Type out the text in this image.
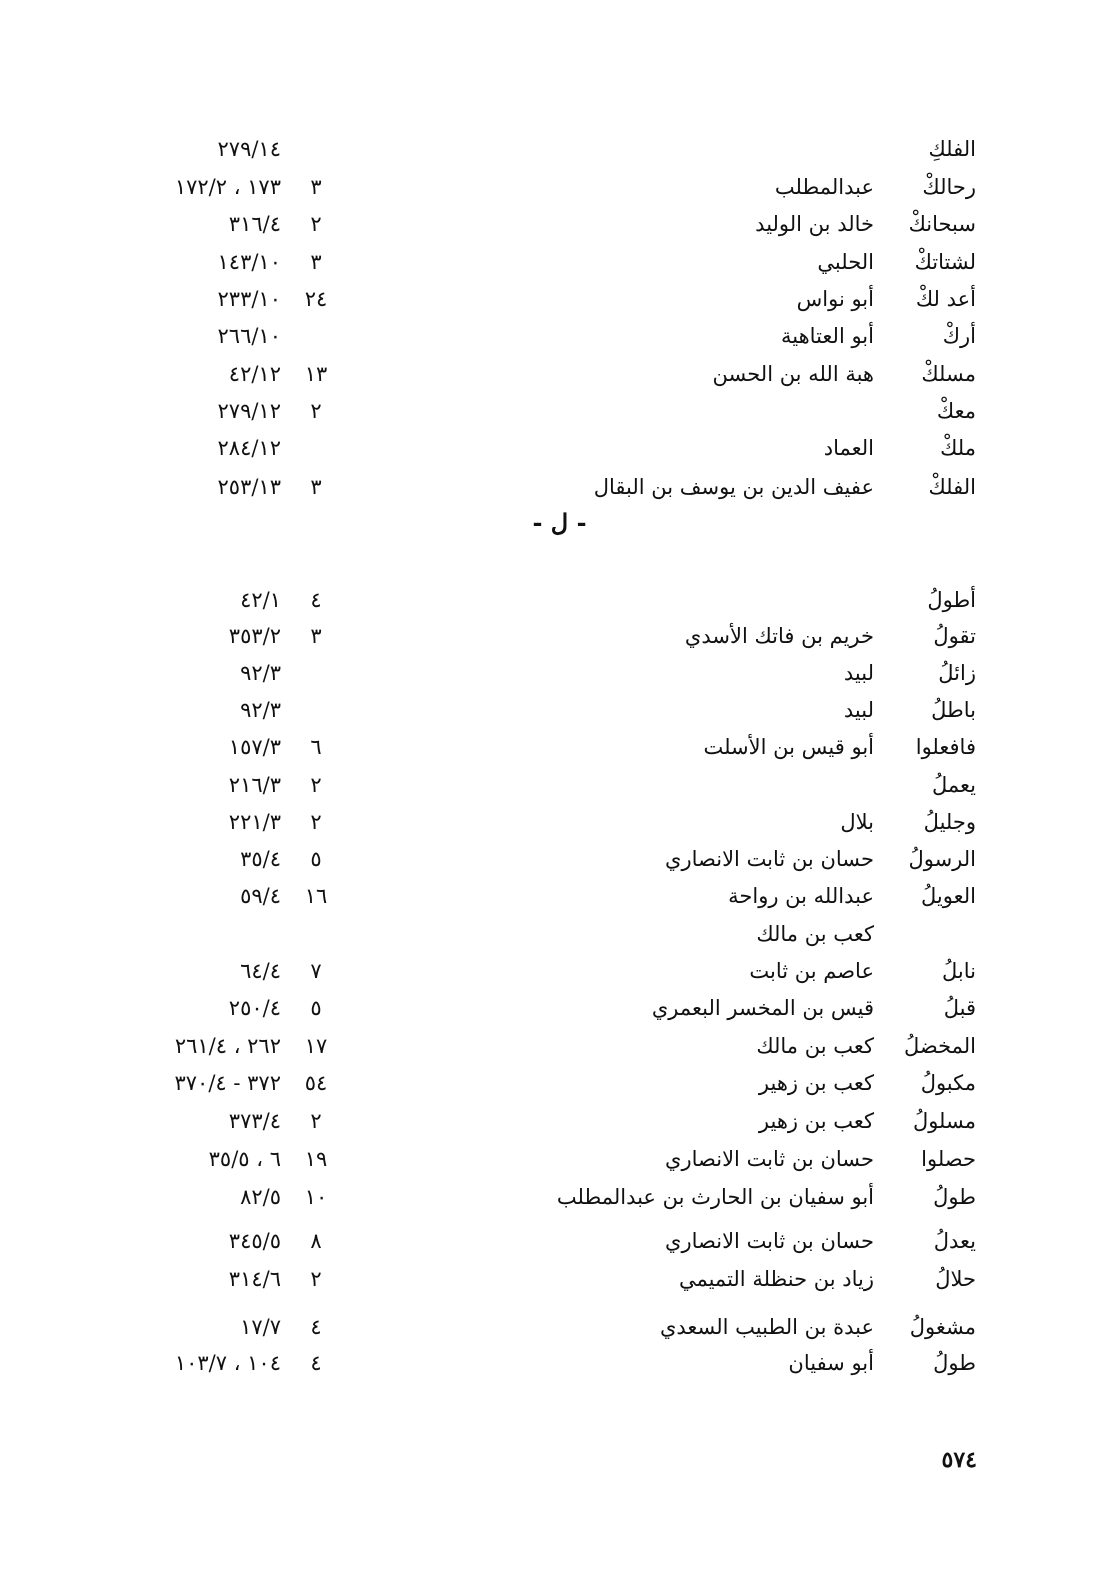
الفلكِ
٢٧٩/١٤
رحالكْ
عبدالمطلب
٣
١٧٣ ، ١٧٢/٢
سبحانكْ
خالد بن الوليد
٢
٣١٦/٤
لشتاتكْ
الحلبي
٣
١٤٣/١٠
أعد لكْ
أبو نواس
٢٤
٢٣٣/١٠
أركْ
أبو العتاهية
٢٦٦/١٠
مسلكْ
هبة الله بن الحسن
١٣
٤٢/١٢
معكْ
٢
٢٧٩/١٢
ملكْ
العماد
٢٨٤/١٢
الفلكْ
عفيف الدين بن يوسف بن البقال
٣
٢٥٣/١٣
- ل -
أطولُ
٤
٤٢/١
تقولُ
خريم بن فاتك الأسدي
٣
٣٥٣/٢
زائلُ
لبيد
٩٢/٣
باطلُ
لبيد
٩٢/٣
فافعلوا
أبو قيس بن الأسلت
٦
١٥٧/٣
يعملُ
٢
٢١٦/٣
وجليلُ
بلال
٢
٢٢١/٣
الرسولُ
حسان بن ثابت الانصاري
٥
٣٥/٤
العويلُ
عبدالله بن رواحة
١٦
٥٩/٤
كعب بن مالك
نابلُ
عاصم بن ثابت
٧
٦٤/٤
قبلُ
قيس بن المخسر البعمري
٥
٢٥٠/٤
المخضلُ
كعب بن مالك
١٧
٢٦٢ ، ٢٦١/٤
مكبولُ
كعب بن زهير
٥٤
٣٧٢ - ٣٧٠/٤
مسلولُ
كعب بن زهير
٢
٣٧٣/٤
حصلوا
حسان بن ثابت الانصاري
١٩
٦ ، ٣٥/٥
طولُ
أبو سفيان بن الحارث بن عبدالمطلب
١٠
٨٢/٥
يعدلُ
حسان بن ثابت الانصاري
٨
٣٤٥/٥
حلالُ
زياد بن حنظلة التميمي
٢
٣١٤/٦
مشغولُ
عبدة بن الطبيب السعدي
٤
١٧/٧
طولُ
أبو سفيان
٤
١٠٤ ، ١٠٣/٧
٥٧٤
